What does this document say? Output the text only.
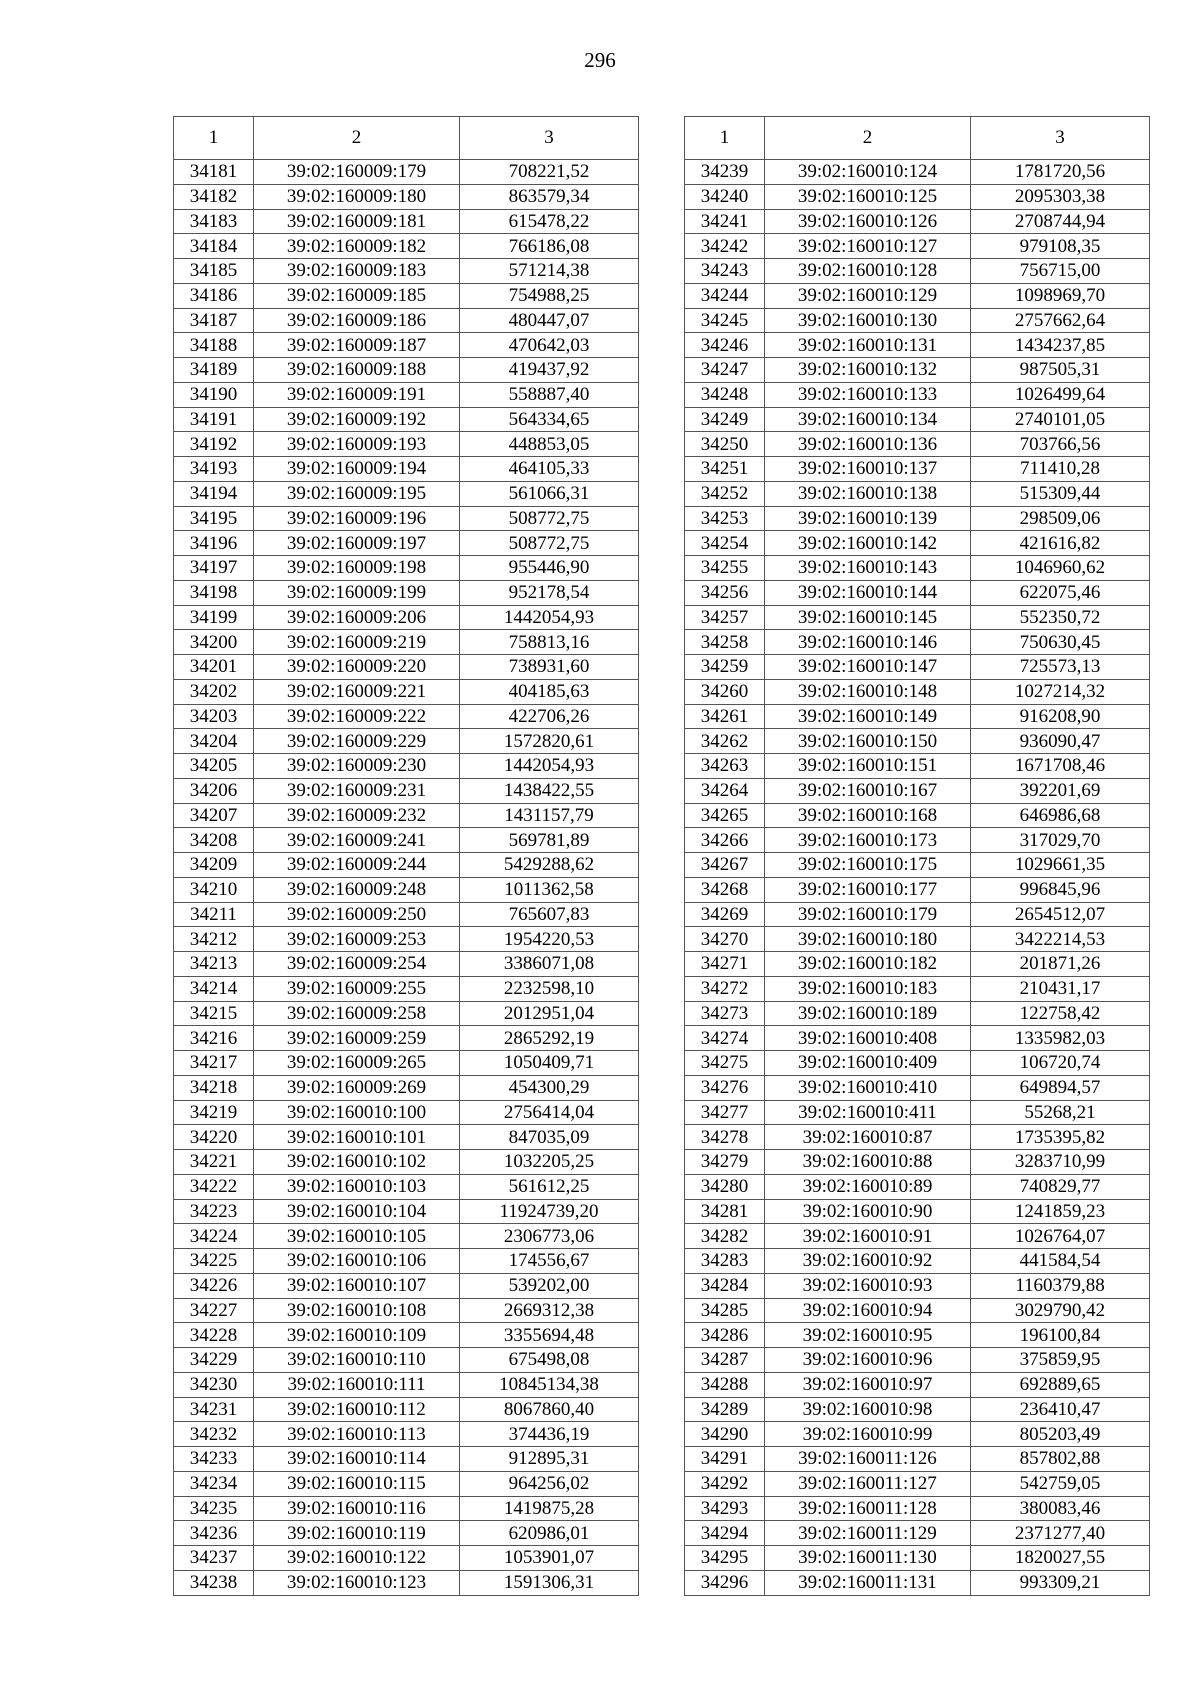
296
1	2	3
34181	39:02:160009:179	708221,52
34182	39:02:160009:180	863579,34
34183	39:02:160009:181	615478,22
34184	39:02:160009:182	766186,08
34185	39:02:160009:183	571214,38
34186	39:02:160009:185	754988,25
34187	39:02:160009:186	480447,07
34188	39:02:160009:187	470642,03
34189	39:02:160009:188	419437,92
34190	39:02:160009:191	558887,40
34191	39:02:160009:192	564334,65
34192	39:02:160009:193	448853,05
34193	39:02:160009:194	464105,33
34194	39:02:160009:195	561066,31
34195	39:02:160009:196	508772,75
34196	39:02:160009:197	508772,75
34197	39:02:160009:198	955446,90
34198	39:02:160009:199	952178,54
34199	39:02:160009:206	1442054,93
34200	39:02:160009:219	758813,16
34201	39:02:160009:220	738931,60
34202	39:02:160009:221	404185,63
34203	39:02:160009:222	422706,26
34204	39:02:160009:229	1572820,61
34205	39:02:160009:230	1442054,93
34206	39:02:160009:231	1438422,55
34207	39:02:160009:232	1431157,79
34208	39:02:160009:241	569781,89
34209	39:02:160009:244	5429288,62
34210	39:02:160009:248	1011362,58
34211	39:02:160009:250	765607,83
34212	39:02:160009:253	1954220,53
34213	39:02:160009:254	3386071,08
34214	39:02:160009:255	2232598,10
34215	39:02:160009:258	2012951,04
34216	39:02:160009:259	2865292,19
34217	39:02:160009:265	1050409,71
34218	39:02:160009:269	454300,29
34219	39:02:160010:100	2756414,04
34220	39:02:160010:101	847035,09
34221	39:02:160010:102	1032205,25
34222	39:02:160010:103	561612,25
34223	39:02:160010:104	11924739,20
34224	39:02:160010:105	2306773,06
34225	39:02:160010:106	174556,67
34226	39:02:160010:107	539202,00
34227	39:02:160010:108	2669312,38
34228	39:02:160010:109	3355694,48
34229	39:02:160010:110	675498,08
34230	39:02:160010:111	10845134,38
34231	39:02:160010:112	8067860,40
34232	39:02:160010:113	374436,19
34233	39:02:160010:114	912895,31
34234	39:02:160010:115	964256,02
34235	39:02:160010:116	1419875,28
34236	39:02:160010:119	620986,01
34237	39:02:160010:122	1053901,07
34238	39:02:160010:123	1591306,31
1	2	3
34239	39:02:160010:124	1781720,56
34240	39:02:160010:125	2095303,38
34241	39:02:160010:126	2708744,94
34242	39:02:160010:127	979108,35
34243	39:02:160010:128	756715,00
34244	39:02:160010:129	1098969,70
34245	39:02:160010:130	2757662,64
34246	39:02:160010:131	1434237,85
34247	39:02:160010:132	987505,31
34248	39:02:160010:133	1026499,64
34249	39:02:160010:134	2740101,05
34250	39:02:160010:136	703766,56
34251	39:02:160010:137	711410,28
34252	39:02:160010:138	515309,44
34253	39:02:160010:139	298509,06
34254	39:02:160010:142	421616,82
34255	39:02:160010:143	1046960,62
34256	39:02:160010:144	622075,46
34257	39:02:160010:145	552350,72
34258	39:02:160010:146	750630,45
34259	39:02:160010:147	725573,13
34260	39:02:160010:148	1027214,32
34261	39:02:160010:149	916208,90
34262	39:02:160010:150	936090,47
34263	39:02:160010:151	1671708,46
34264	39:02:160010:167	392201,69
34265	39:02:160010:168	646986,68
34266	39:02:160010:173	317029,70
34267	39:02:160010:175	1029661,35
34268	39:02:160010:177	996845,96
34269	39:02:160010:179	2654512,07
34270	39:02:160010:180	3422214,53
34271	39:02:160010:182	201871,26
34272	39:02:160010:183	210431,17
34273	39:02:160010:189	122758,42
34274	39:02:160010:408	1335982,03
34275	39:02:160010:409	106720,74
34276	39:02:160010:410	649894,57
34277	39:02:160010:411	55268,21
34278	39:02:160010:87	1735395,82
34279	39:02:160010:88	3283710,99
34280	39:02:160010:89	740829,77
34281	39:02:160010:90	1241859,23
34282	39:02:160010:91	1026764,07
34283	39:02:160010:92	441584,54
34284	39:02:160010:93	1160379,88
34285	39:02:160010:94	3029790,42
34286	39:02:160010:95	196100,84
34287	39:02:160010:96	375859,95
34288	39:02:160010:97	692889,65
34289	39:02:160010:98	236410,47
34290	39:02:160010:99	805203,49
34291	39:02:160011:126	857802,88
34292	39:02:160011:127	542759,05
34293	39:02:160011:128	380083,46
34294	39:02:160011:129	2371277,40
34295	39:02:160011:130	1820027,55
34296	39:02:160011:131	993309,21
